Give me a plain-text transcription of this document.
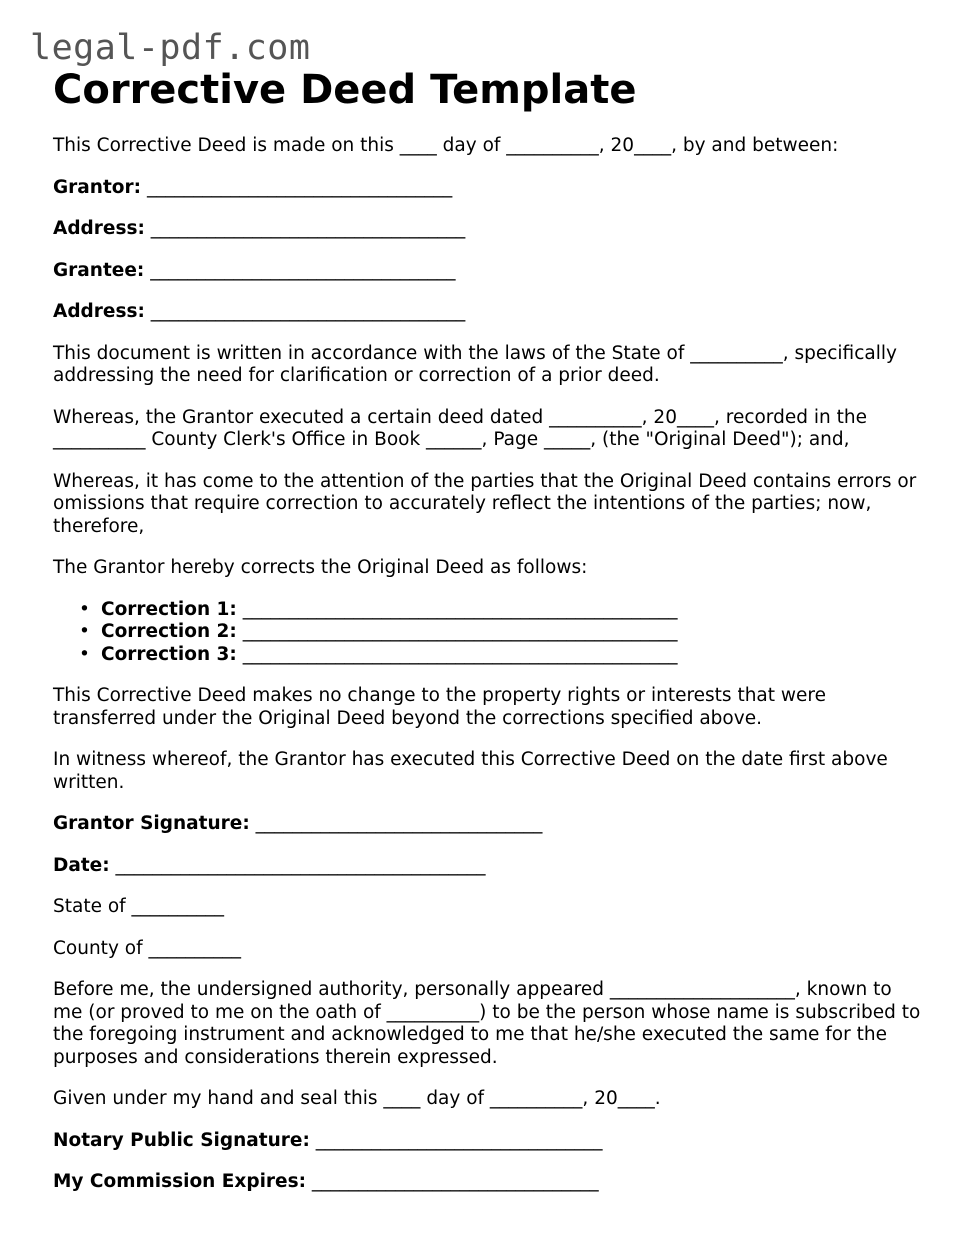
legal-pdf.com
Corrective Deed Template

This Corrective Deed is made on this ____ day of __________, 20____, by and between:

Grantor: _________________________________

Address: __________________________________

Grantee: _________________________________

Address: __________________________________

This document is written in accordance with the laws of the State of __________, specifically addressing the need for clarification or correction of a prior deed.

Whereas, the Grantor executed a certain deed dated __________, 20____, recorded in the __________ County Clerk's Office in Book ______, Page _____, (the "Original Deed"); and,

Whereas, it has come to the attention of the parties that the Original Deed contains errors or omissions that require correction to accurately reflect the intentions of the parties; now, therefore,

The Grantor hereby corrects the Original Deed as follows:

• Correction 1: _______________________________________________
• Correction 2: _______________________________________________
• Correction 3: _______________________________________________

This Corrective Deed makes no change to the property rights or interests that were transferred under the Original Deed beyond the corrections specified above.

In witness whereof, the Grantor has executed this Corrective Deed on the date first above written.

Grantor Signature: _______________________________

Date: ________________________________________

State of __________

County of __________

Before me, the undersigned authority, personally appeared ____________________, known to me (or proved to me on the oath of __________) to be the person whose name is subscribed to the foregoing instrument and acknowledged to me that he/she executed the same for the purposes and considerations therein expressed.

Given under my hand and seal this ____ day of __________, 20____.

Notary Public Signature: _______________________________

My Commission Expires: _______________________________
